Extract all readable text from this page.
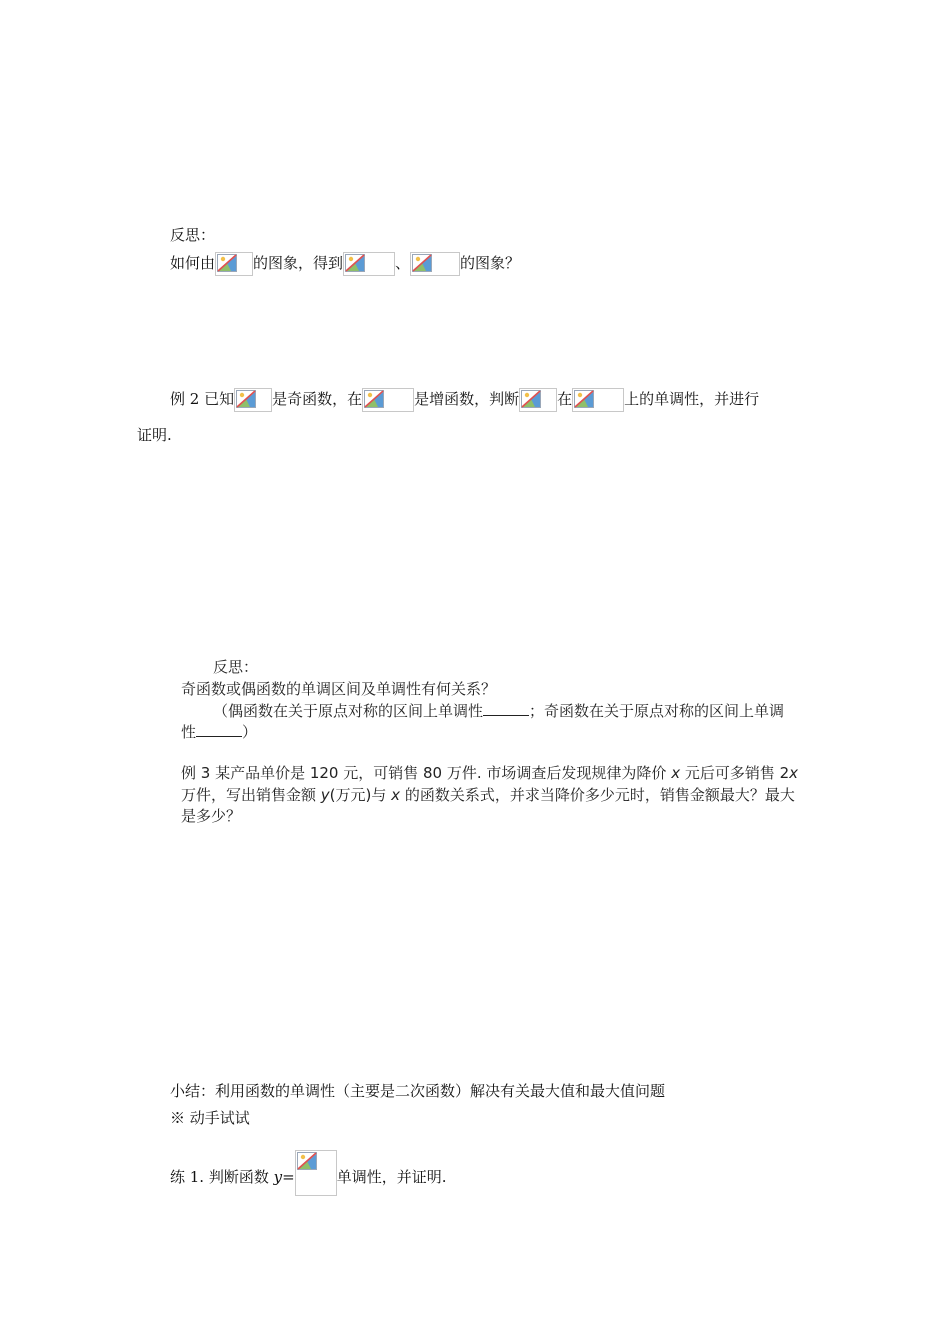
反思：
如何由	的图象，得到	、	的图象？
例 2 已知	是奇函数，在	是增函数，判断	在	上的单调性，并进行
证明.
反思：
奇函数或偶函数的单调区间及单调性有何关系？
（偶函数在关于原点对称的区间上单调性	；奇函数在关于原点对称的区间上单调
性	）
例 3 某产品单价是 120 元，可销售 80 万件. 市场调查后发现规律为降价 x 元后可多销售 2x
万件，写出销售金额 y(万元)与 x 的函数关系式，并求当降价多少元时，销售金额最大？最大
是多少？
小结：利用函数的单调性（主要是二次函数）解决有关最大值和最大值问题
※ 动手试试
练 1. 判断函数 y=	单调性，并证明.
